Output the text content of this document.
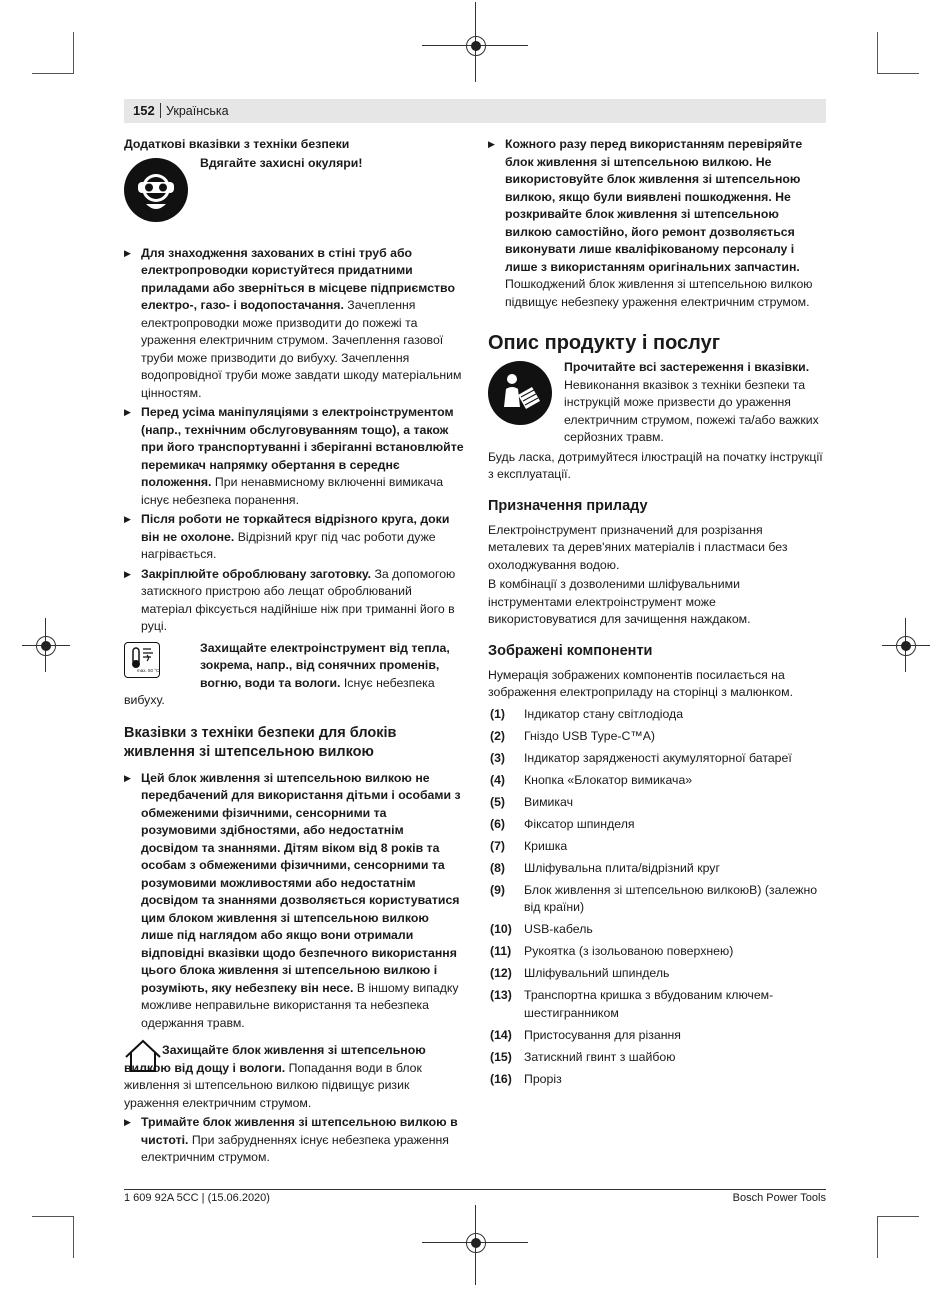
152 Українська

Додаткові вказівки з техніки безпеки

Вдягайте захисні окуляри!

▶ Для знаходження захованих в стіні труб або електропроводки користуйтеся придатними приладами або зверніться в місцеве підприємство електро-, газо- і водопостачання. Зачеплення електропроводки може призводити до пожежі та ураження електричним струмом. Зачеплення газової труби може призводити до вибуху. Зачеплення водопровідної труби може завдати шкоду матеріальним цінностям.

▶ Перед усіма маніпуляціями з електроінструментом (напр., технічним обслуговуванням тощо), а також при його транспортуванні і зберіганні встановлюйте перемикач напрямку обертання в середнє положення. При ненавмисному включенні вимикача існує небезпека поранення.

▶ Після роботи не торкайтеся відрізного круга, доки він не охолоне. Відрізний круг під час роботи дуже нагрівається.

▶ Закріплюйте оброблювану заготовку. За допомогою затискного пристрою або лещат оброблюваний матеріал фіксується надійніше ніж при триманні його в руці.

max. 50 °C

Захищайте електроінструмент від тепла, зокрема, напр., від сонячних променів, вогню, води та вологи. Існує небезпека

вибуху.

Вказівки з техніки безпеки для блоків живлення зі штепсельною вилкою

▶ Цей блок живлення зі штепсельною вилкою не передбачений для використання дітьми і особами з обмеженими фізичними, сенсорними та розумовими здібностями, або недостатнім досвідом та знаннями. Дітям віком від 8 років та особам з обмеженими фізичними, сенсорними та розумовими можливостями або недостатнім досвідом та знаннями дозволяється користуватися цим блоком живлення зі штепсельною вилкою лише під наглядом або якщо вони отримали відповідні вказівки щодо безпечного використання цього блока живлення зі штепсельною вилкою і розуміють, яку небезпеку він несе. В іншому випадку можливе неправильне використання та небезпека одержання травм.

Захищайте блок живлення зі штепсельною вилкою від дощу і вологи. Попадання води в блок живлення зі штепсельною вилкою підвищує ризик ураження електричним струмом.

▶ Тримайте блок живлення зі штепсельною вилкою в чистоті. При забрудненнях існує небезпека ураження електричним струмом.

▶ Кожного разу перед використанням перевіряйте блок живлення зі штепсельною вилкою. Не використовуйте блок живлення зі штепсельною вилкою, якщо були виявлені пошкодження. Не розкривайте блок живлення зі штепсельною вилкою самостійно, його ремонт дозволяється виконувати лише кваліфікованому персоналу і лише з використанням оригінальних запчастин. Пошкоджений блок живлення зі штепсельною вилкою підвищує небезпеку ураження електричним струмом.

Опис продукту і послуг

Прочитайте всі застереження і вказівки. Невиконання вказівок з техніки безпеки та інструкцій може призвести до ураження електричним струмом, пожежі та/або важких серйозних травм.

Будь ласка, дотримуйтеся ілюстрацій на початку інструкції з експлуатації.

Призначення приладу

Електроінструмент призначений для розрізання металевих та дерев'яних матеріалів і пластмаси без охолоджування водою.

В комбінації з дозволеними шліфувальними інструментами електроінструмент може використовуватися для зачищення наждаком.

Зображені компоненти

Нумерація зображених компонентів посилається на зображення електроприладу на сторінці з малюнком.

(1) Індикатор стану світлодіода

(2) Гніздо USB Type-C™A)

(3) Індикатор зарядженості акумуляторної батареї

(4) Кнопка «Блокатор вимикача»

(5) Вимикач

(6) Фіксатор шпинделя

(7) Кришка

(8) Шліфувальна плита/відрізний круг

(9) Блок живлення зі штепсельною вилкоюB) (залежно від країни)

(10) USB-кабель

(11) Рукоятка (з ізольованою поверхнею)

(12) Шліфувальний шпиндель

(13) Транспортна кришка з вбудованим ключем-шестигранником

(14) Пристосування для різання

(15) Затискний гвинт з шайбою

(16) Проріз

1 609 92A 5CC | (15.06.2020)	Bosch Power Tools
